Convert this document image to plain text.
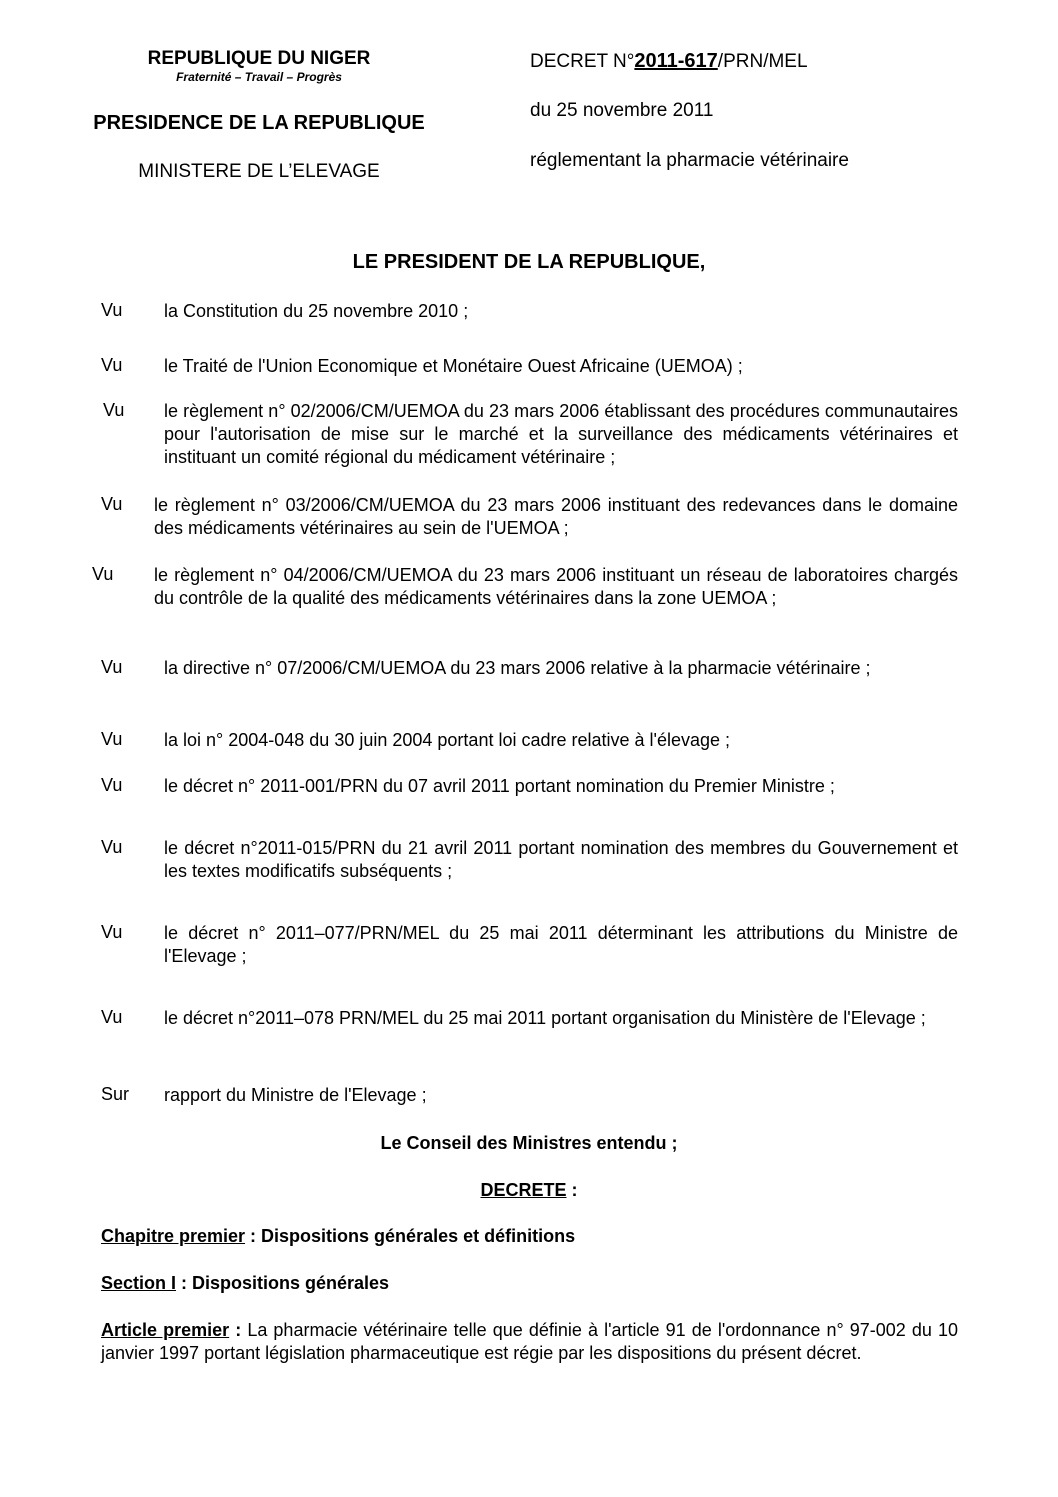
REPUBLIQUE DU NIGER
Fraternité – Travail – Progrès
PRESIDENCE DE LA REPUBLIQUE
MINISTERE DE L’ELEVAGE
DECRET N°2011-617/PRN/MEL
du 25 novembre 2011
réglementant la pharmacie vétérinaire
LE PRESIDENT DE LA REPUBLIQUE,
Vu la Constitution du 25 novembre 2010 ;
Vu le Traité de l'Union Economique et Monétaire Ouest Africaine (UEMOA) ;
Vu le règlement n° 02/2006/CM/UEMOA du 23 mars 2006 établissant des procédures communautaires pour l'autorisation de mise sur le marché et la surveillance des médicaments vétérinaires et instituant un comité régional du médicament vétérinaire ;
Vu le règlement n° 03/2006/CM/UEMOA du 23 mars 2006 instituant des redevances dans le domaine des médicaments vétérinaires au sein de l'UEMOA ;
Vu le règlement n° 04/2006/CM/UEMOA du 23 mars 2006 instituant un réseau de laboratoires chargés du contrôle de la qualité des médicaments vétérinaires dans la zone UEMOA ;
Vu la directive n° 07/2006/CM/UEMOA du 23 mars 2006 relative à la pharmacie vétérinaire ;
Vu la loi n° 2004-048 du 30 juin 2004 portant loi cadre relative à l'élevage ;
Vu le décret n° 2011-001/PRN du 07 avril 2011 portant nomination du Premier Ministre ;
Vu le décret n°2011-015/PRN du 21 avril 2011 portant nomination des membres du Gouvernement et les textes modificatifs subséquents ;
Vu le décret n° 2011–077/PRN/MEL du 25 mai 2011 déterminant les attributions du Ministre de l'Elevage ;
Vu le décret n°2011–078 PRN/MEL du 25 mai 2011 portant organisation du Ministère de l'Elevage ;
Sur rapport du Ministre de l'Elevage ;
Le Conseil des Ministres entendu ;
DECRETE :
Chapitre premier : Dispositions générales et définitions
Section I : Dispositions générales
Article premier : La pharmacie vétérinaire telle que définie à l'article 91 de l'ordonnance n° 97-002 du 10 janvier 1997 portant législation pharmaceutique est régie par les dispositions du présent décret.
